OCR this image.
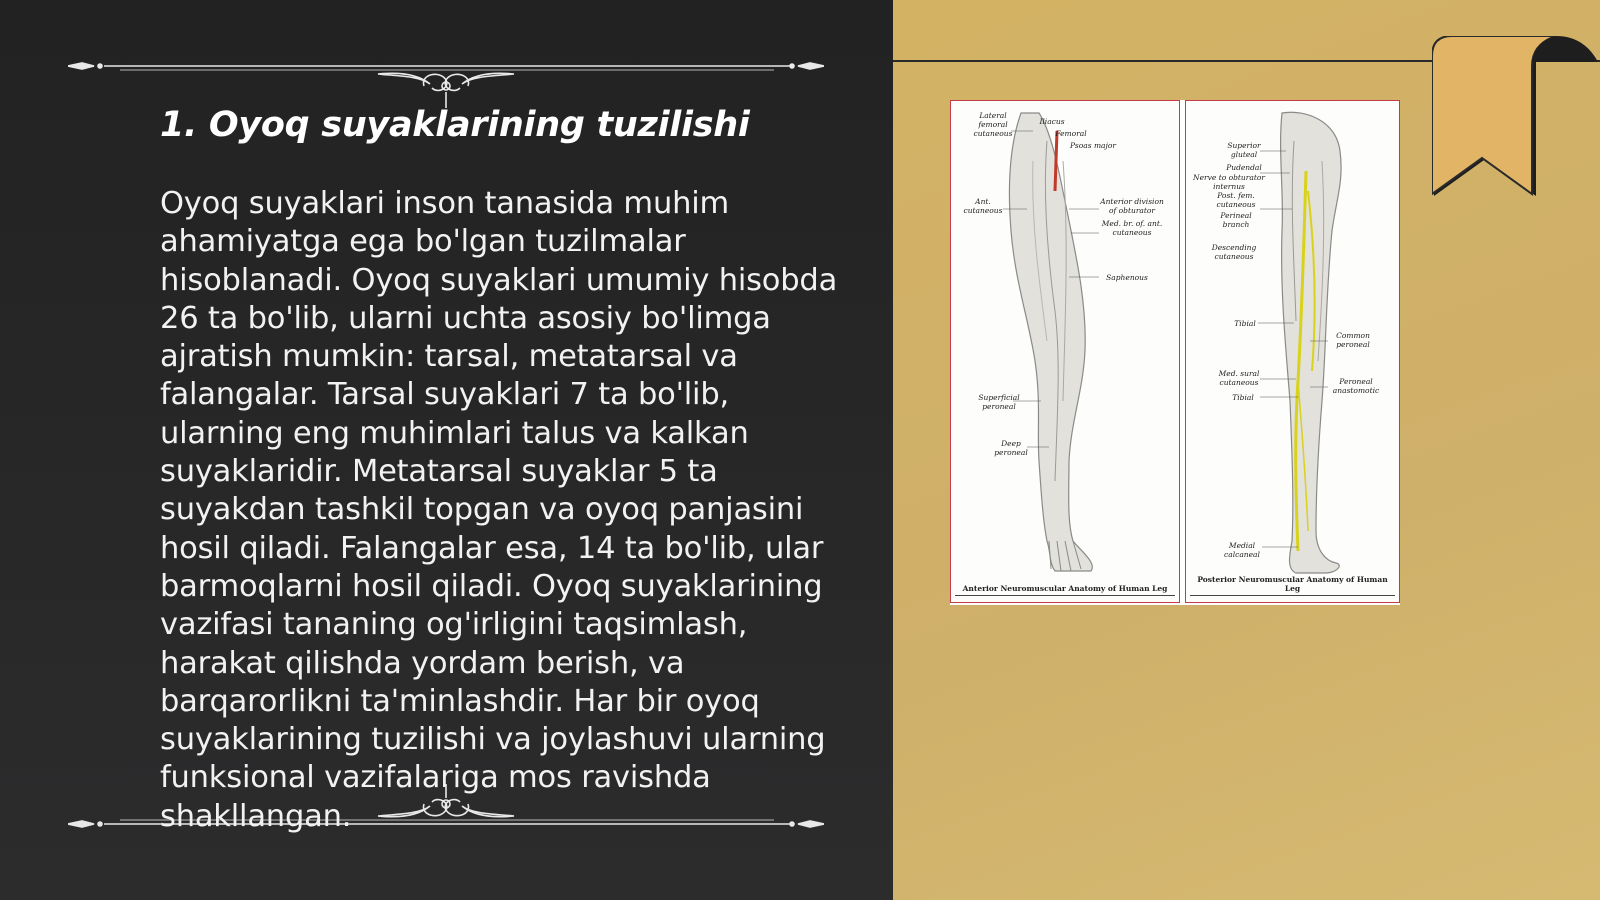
1. Oyoq suyaklarining tuzilishi

Oyoq suyaklari inson tanasida muhim ahamiyatga ega bo'lgan tuzilmalar hisoblanadi. Oyoq suyaklari umumiy hisobda 26 ta bo'lib, ularni uchta asosiy bo'limga ajratish mumkin: tarsal, metatarsal va falangalar. Tarsal suyaklari 7 ta bo'lib, ularning eng muhimlari talus va kalkan suyaklaridir. Metatarsal suyaklar 5 ta suyakdan tashkil topgan va oyoq panjasini hosil qiladi. Falangalar esa, 14 ta bo'lib, ular barmoqlarni hosil qiladi. Oyoq suyaklarining vazifasi tananing og'irligini taqsimlash, harakat qilishda yordam berish, va barqarorlikni ta'minlashdir. Har bir oyoq suyaklarining tuzilishi va joylashuvi ularning funksional vazifalariga mos ravishda shakllangan.

Lateral femoral cutaneous
Iliacus
Femoral
Psoas major
Ant. cutaneous
Anterior division of obturator
Med. br. of. ant. cutaneous
Saphenous
Superficial peroneal
Deep peroneal
Anterior Neuromuscular Anatomy of Human Leg
Superior gluteal
Pudendal
Nerve to obturator internus
Post. fem. cutaneous
Perineal branch
Descending cutaneous
Tibial
Common peroneal
Med. sural cutaneous
Tibial
Peroneal anastomotic
Medial calcaneal
Posterior Neuromuscular Anatomy of Human Leg
